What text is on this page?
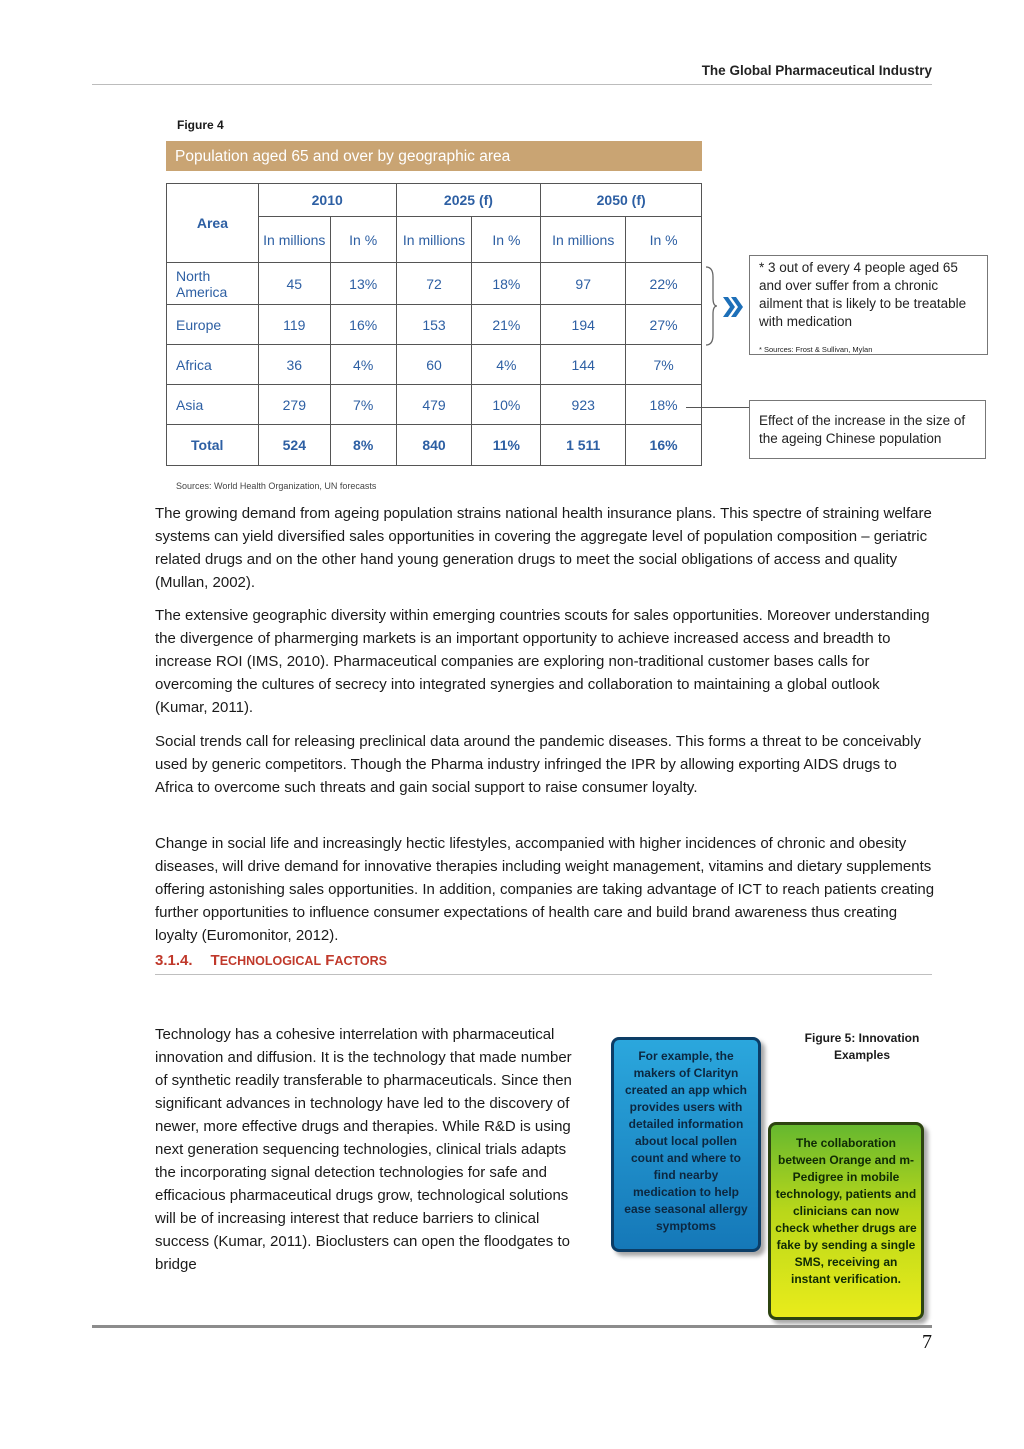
The Global Pharmaceutical Industry
Figure 4
Population aged 65 and over by geographic area
Area	2010		2025 (f)		2050 (f)	
	In millions	In %	In millions	In %	In millions	In %
North America	45	13%	72	18%	97	22%
Europe	119	16%	153	21%	194	27%
Africa	36	4%	60	4%	144	7%
Asia	279	7%	479	10%	923	18%
Total	524	8%	840	11%	1 511	16%
Sources: World Health Organization, UN forecasts
* 3 out of every 4 people aged 65 and over suffer from a chronic ailment that is likely to be treatable with medication
* Sources: Frost & Sullivan, Mylan
Effect of the increase in the size of the ageing Chinese population
The growing demand from ageing population strains national health insurance plans. This spectre of straining welfare systems can yield diversified sales opportunities in covering the aggregate level of population composition – geriatric related drugs and on the other hand young generation drugs to meet the social obligations of access and quality (Mullan, 2002).
The extensive geographic diversity within emerging countries scouts for sales opportunities. Moreover understanding the divergence of pharmerging markets is an important opportunity to achieve increased access and breadth to increase ROI (IMS, 2010). Pharmaceutical companies are exploring non-traditional customer bases calls for overcoming the cultures of secrecy into integrated synergies and collaboration to maintaining a global outlook (Kumar, 2011).
Social trends call for releasing preclinical data around the pandemic diseases. This forms a threat to be conceivably used by generic competitors. Though the Pharma industry infringed the IPR by allowing exporting AIDS drugs to Africa to overcome such threats and gain social support to raise consumer loyalty.
Change in social life and increasingly hectic lifestyles, accompanied with higher incidences of chronic and obesity diseases, will drive demand for innovative therapies including weight management, vitamins and dietary supplements offering astonishing sales opportunities. In addition, companies are taking advantage of ICT to reach patients creating further opportunities to influence consumer expectations of health care and build brand awareness thus creating loyalty (Euromonitor, 2012).
3.1.4. TECHNOLOGICAL FACTORS
Technology has a cohesive interrelation with pharmaceutical innovation and diffusion. It is the technology that made number of synthetic readily transferable to pharmaceuticals. Since then significant advances in technology have led to the discovery of newer, more effective drugs and therapies. While R&D is using next generation sequencing technologies, clinical trials adapts the incorporating signal detection technologies for safe and efficacious pharmaceutical drugs grow, technological solutions will be of increasing interest that reduce barriers to clinical success (Kumar, 2011). Bioclusters can open the floodgates to bridge
Figure 5: Innovation Examples
For example, the makers of Clarityn created an app which provides users with detailed information about local pollen count and where to find nearby medication to help ease seasonal allergy symptoms
The collaboration between Orange and m-Pedigree in mobile technology, patients and clinicians can now check whether drugs are fake by sending a single SMS, receiving an instant verification.
7
